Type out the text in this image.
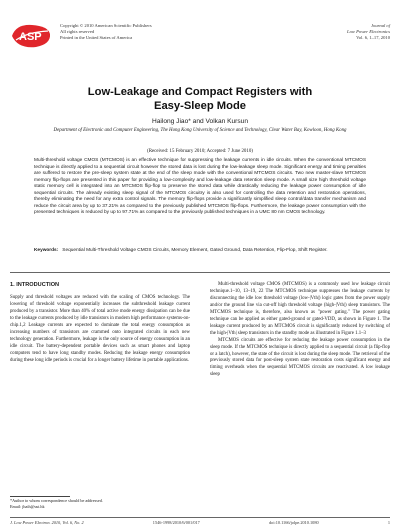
ASP
Copyright © 2010 American Scientific Publishers
All rights reserved
Printed in the United States of America
Journal of
Low Power Electronics
Vol. 6, 1–17, 2010
Low-Leakage and Compact Registers with
Easy-Sleep Mode
Hailong Jiao* and Volkan Kursun
Department of Electronic and Computer Engineering, The Hong Kong University of Science and Technology, Clear Water Bay, Kowloon, Hong Kong
(Received: 15 February 2010; Accepted: 7 June 2010)

Multi-threshold voltage CMOS (MTCMOS) is an effective technique for suppressing the leakage currents in idle circuits. When the conventional MTCMOS technique is directly applied to a sequential circuit however the stored data is lost during the low-leakage sleep mode. Significant energy and timing penalties are suffered to restore the pre-sleep system state at the end of the sleep mode with the conventional MTCMOS circuits. Two new master-slave MTCMOS memory flip-flops are presented in this paper for providing a low-complexity and low-leakage data retention sleep mode. A small size high threshold voltage static memory cell is integrated into an MTCMOS flip-flop to preserve the stored data while drastically reducing the leakage power consumption of idle sequential circuits. The already existing sleep signal of the MTCMOS circuitry is also used for controlling the data retention and restoration operations, thereby eliminating the need for any extra control signals. The memory flip-flops provide a significantly simplified sleep control/data transfer mechanism and reduce the circuit area by up to 37.21% as compared to the previously published MTCMOS flip-flops. Furthermore, the leakage power consumption with the presented techniques is reduced by up to 97.71% as compared to the previously published techniques in a UMC 80 nm CMOS technology.

Keywords: Sequential Multi-Threshold Voltage CMOS Circuits, Memory Element, Gated Ground, Data Retention, Flip-Flop, Shift Register.
1. INTRODUCTION

Supply and threshold voltages are reduced with the scaling of CMOS technology. The lowering of threshold voltage exponentially increases the subthreshold leakage current produced by a transistor. More than 40% of total active mode energy dissipation can be due to the leakage currents produced by idle transistors in modern high performance systems-on-chip.1,2 Leakage currents are expected to dominate the total energy consumption as increasing numbers of transistors are crammed onto integrated circuits in each new technology generation. Furthermore, leakage is the only source of energy consumption in an idle circuit. The battery-dependent portable devices such as smart phones and laptop computers tend to have long standby modes. Reducing the leakage energy consumption during these long idle periods is crucial for a longer battery lifetime in portable applications.

Multi-threshold voltage CMOS (MTCMOS) is a commonly used low leakage circuit technique.1–10, 13–19, 22 The MTCMOS technique suppresses the leakage currents by disconnecting the idle low threshold voltage (low-|Vth|) logic gates from the power supply and/or the ground line via cut-off high threshold voltage (high-|Vth|) sleep transistors. The MTCMOS technique is, therefore, also known as "power gating." The power gating technique can be applied as either gated-ground or gated-VDD, as shown in Figure 1. The leakage current produced by an MTCMOS circuit is significantly reduced by switching of the high-|Vth| sleep transistors in the standby mode as illustrated in Figure 1.1–3

MTCMOS circuits are effective for reducing the leakage power consumption in the sleep mode. If the MTCMOS technique is directly applied to a sequential circuit (a flip-flop or a latch), however, the state of the circuit is lost during the sleep mode. The retrieval of the previously stored data for post-sleep system state restoration costs significant energy and timing overheads when the sequential MTCMOS circuits are reactivated. A low leakage sleep

*Author to whom correspondence should be addressed.
Email: jhaih@ust.hk
J. Low Power Electron. 2010, Vol. 6, No. 2	1546-1998/2010/6/001/017	doi:10.1166/jolpe.2010.1080	1
